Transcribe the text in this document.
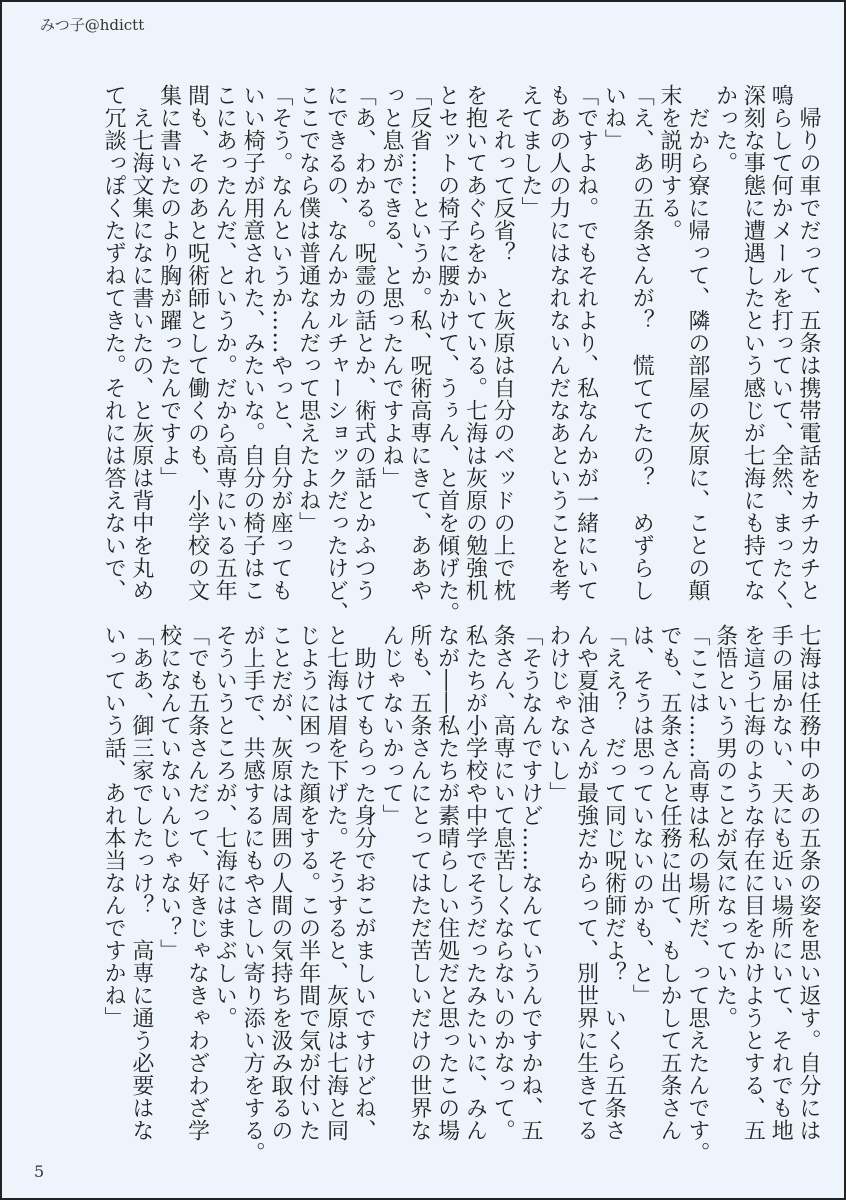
みつ子@hdictt
　帰りの車でだって、五条は携帯電話をカチカチと
鳴らして何かメールを打っていて、全然、まったく、
深刻な事態に遭遇したという感じが七海にも持てな
かった。
　だから寮に帰って、隣の部屋の灰原に、ことの顛
末を説明する。
「え、あの五条さんが？　慌ててたの？　めずらし
いね」
「ですよね。でもそれより、私なんかが一緒にいて
もあの人の力にはなれないんだなあということを考
えてました」
　それって反省？　と灰原は自分のベッドの上で枕
を抱いてあぐらをかいている。七海は灰原の勉強机
とセットの椅子に腰かけて、うぅん、と首を傾げた。
「反省……というか。私、呪術高専にきて、ああや
っと息ができる、と思ったんですよね」
「あ、わかる。呪霊の話とか、術式の話とかふつう
にできるの、なんかカルチャーショックだったけど、
ここでなら僕は普通なんだって思えたよね」
「そう。なんというか……やっと、自分が座っても
いい椅子が用意された、みたいな。自分の椅子はこ
こにあったんだ、というか。だから高専にいる五年
間も、そのあと呪術師として働くのも、小学校の文
集に書いたのより胸が躍ったんですよ」
　え七海文集になに書いたの、と灰原は背中を丸め
て冗談っぽくたずねてきた。それには答えないで、
七海は任務中のあの五条の姿を思い返す。自分には
手の届かない、天にも近い場所にいて、それでも地
を這う七海のような存在に目をかけようとする、五
条悟という男のことが気になっていた。
「ここは……高専は私の場所だ、って思えたんです。
でも、五条さんと任務に出て、もしかして五条さん
は、そうは思っていないのかも、と」
「ええ？　だって同じ呪術師だよ？　いくら五条さ
んや夏油さんが最強だからって、別世界に生きてる
わけじゃないし」
「そうなんですけど……なんていうんですかね、五
条さん、高専にいて息苦しくならないのかなって。
私たちが小学校や中学でそうだったみたいに、みん
なが――私たちが素晴らしい住処だと思ったこの場
所も、五条さんにとってはただ苦しいだけの世界な
んじゃないかって」
　助けてもらった身分でおこがましいですけどね、
と七海は眉を下げた。そうすると、灰原は七海と同
じように困った顔をする。この半年間で気が付いた
ことだが、灰原は周囲の人間の気持ちを汲み取るの
が上手で、共感するにもやさしい寄り添い方をする。
そういうところが、七海にはまぶしい。
「でも五条さんだって、好きじゃなきゃわざわざ学
校になんていないんじゃない？」
「ああ、御三家でしたっけ？　高専に通う必要はな
いっていう話、あれ本当なんですかね」
5
